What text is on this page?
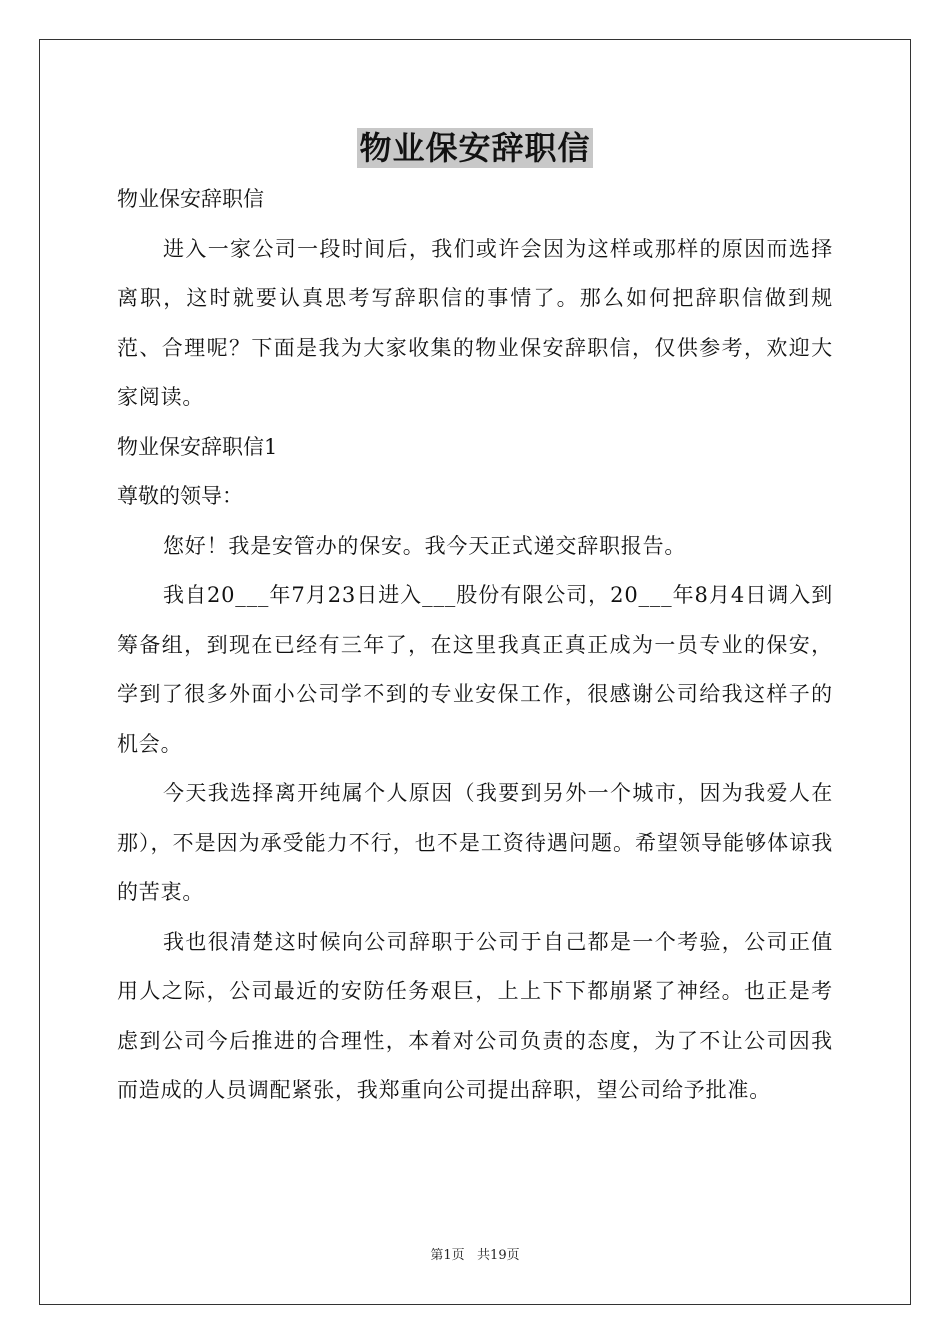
物业保安辞职信

物业保安辞职信

进入一家公司一段时间后，我们或许会因为这样或那样的原因而选择离职，这时就要认真思考写辞职信的事情了。那么如何把辞职信做到规范、合理呢？下面是我为大家收集的物业保安辞职信，仅供参考，欢迎大家阅读。

物业保安辞职信1

尊敬的领导：

您好！我是安管办的保安。我今天正式递交辞职报告。

我自20___年7月23日进入___股份有限公司，20___年8月4日调入到筹备组，到现在已经有三年了，在这里我真正真正成为一员专业的保安，学到了很多外面小公司学不到的专业安保工作，很感谢公司给我这样子的机会。

今天我选择离开纯属个人原因（我要到另外一个城市，因为我爱人在那），不是因为承受能力不行，也不是工资待遇问题。希望领导能够体谅我的苦衷。

我也很清楚这时候向公司辞职于公司于自己都是一个考验，公司正值用人之际，公司最近的安防任务艰巨，上上下下都崩紧了神经。也正是考虑到公司今后推进的合理性，本着对公司负责的态度，为了不让公司因我而造成的人员调配紧张，我郑重向公司提出辞职，望公司给予批准。

第1页   共19页
